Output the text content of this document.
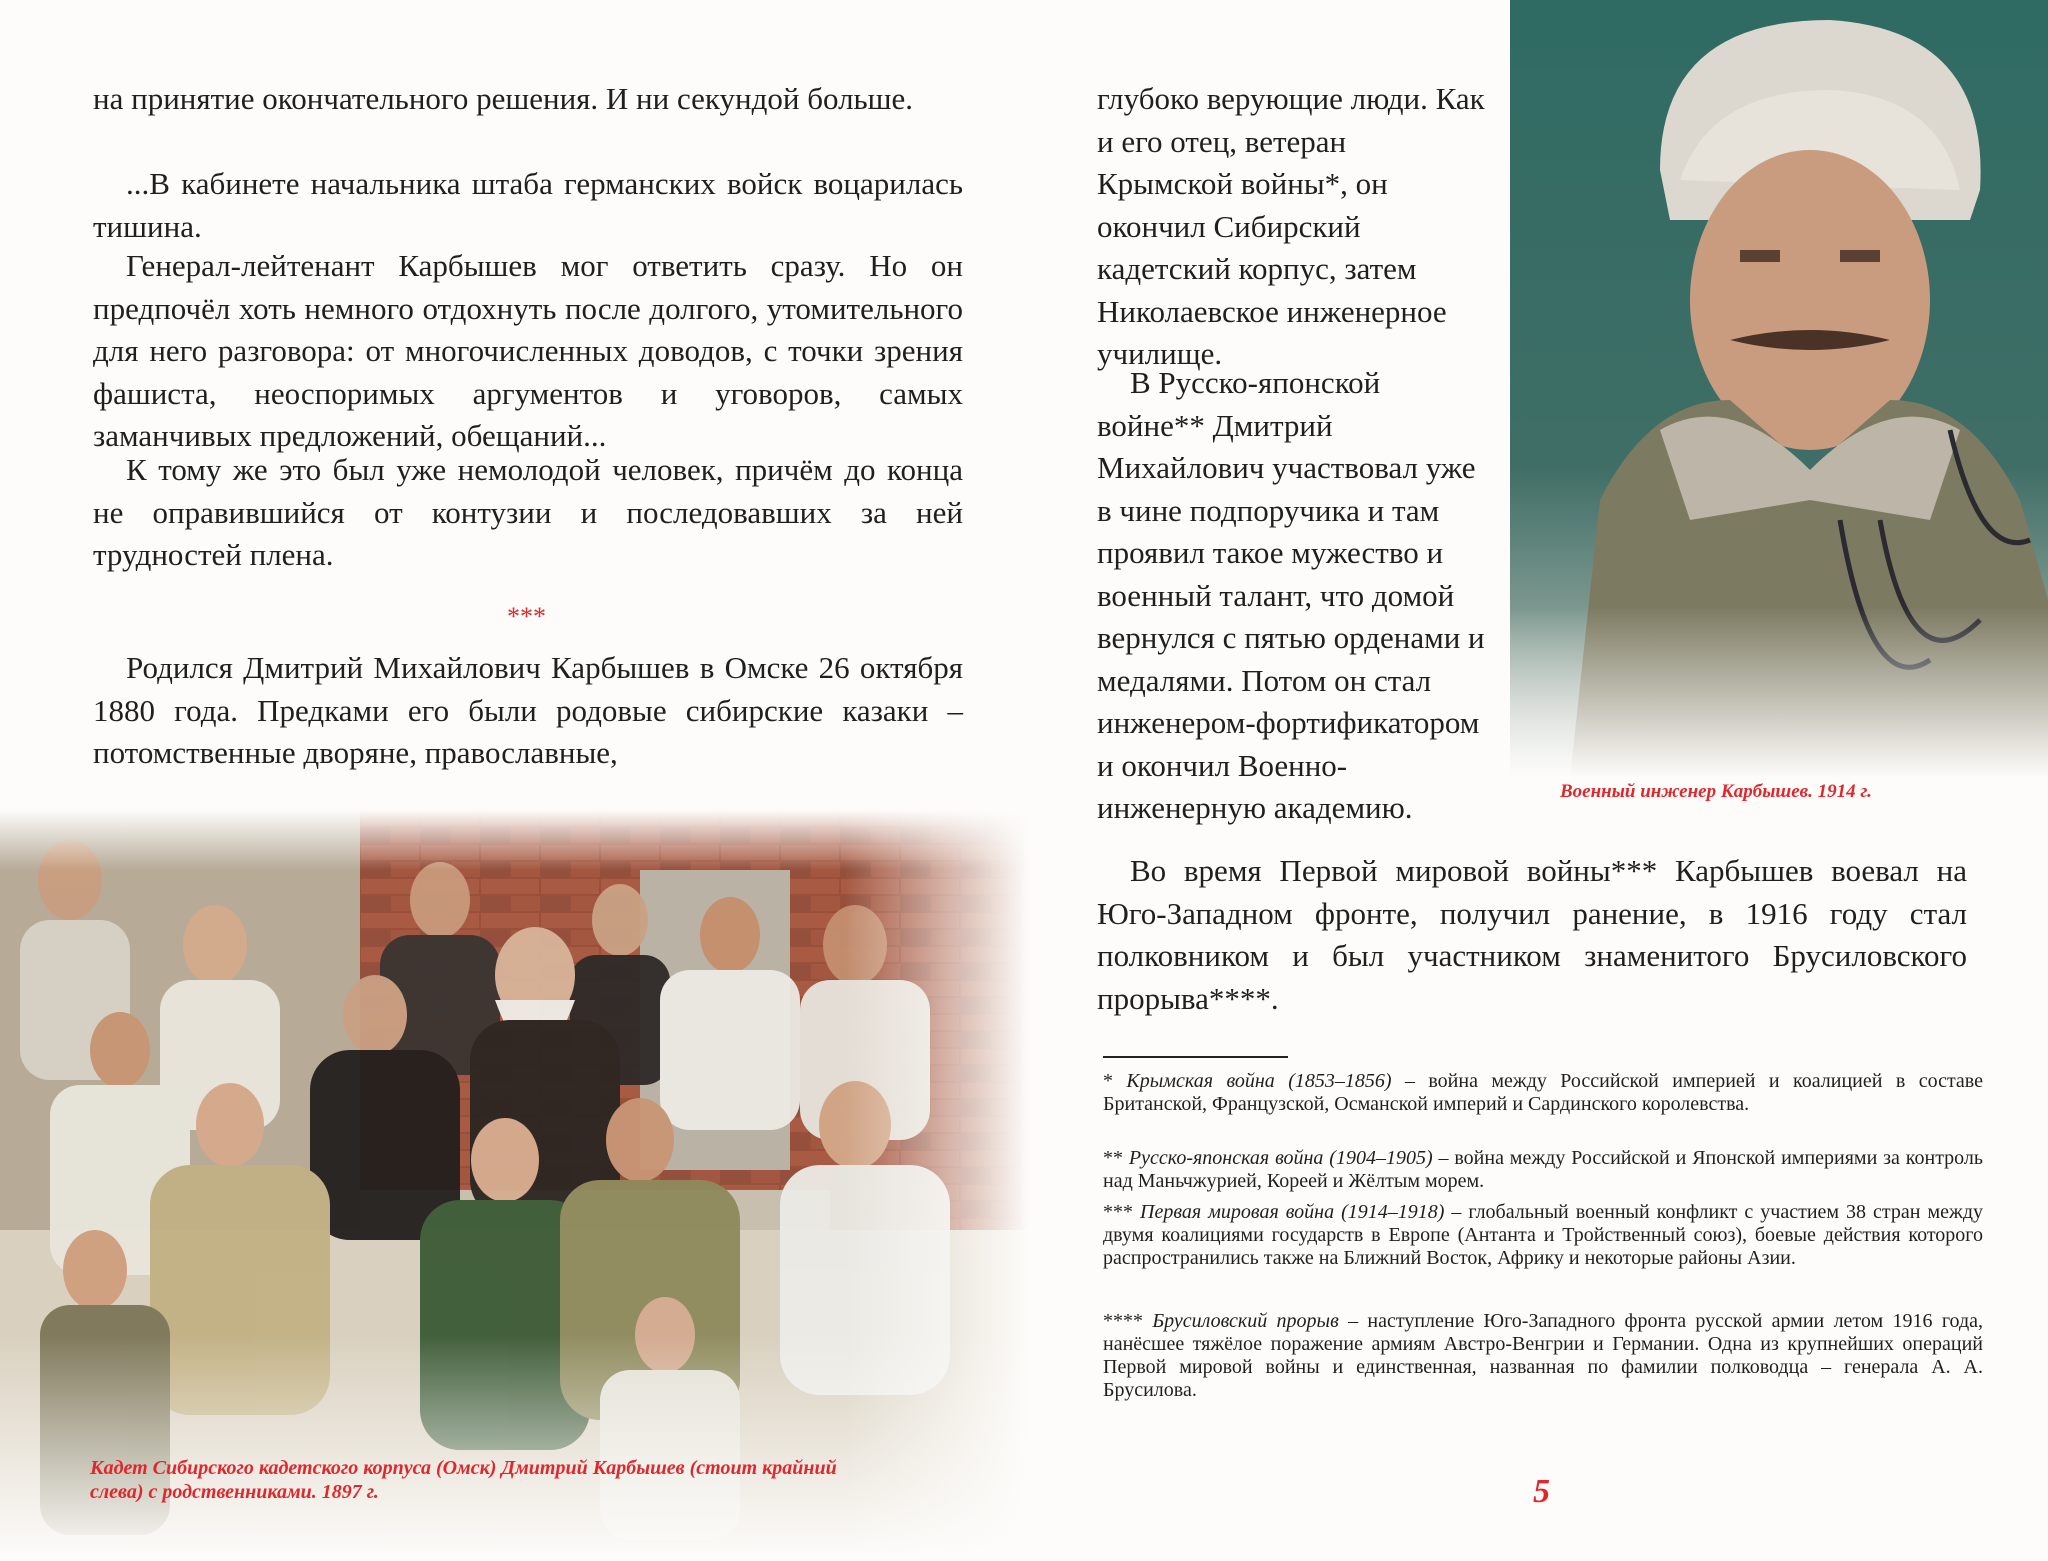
на принятие окончательного решения. И ни секундой больше.

...В кабинете начальника штаба германских войск воцарилась тишина.

Генерал-лейтенант Карбышев мог ответить сразу. Но он предпочёл хоть немного отдохнуть после долгого, утомительного для него разговора: от многочисленных доводов, с точки зрения фашиста, неоспоримых аргументов и уговоров, самых заманчивых предложений, обещаний...

К тому же это был уже немолодой человек, причём до конца не оправившийся от контузии и последовавших за ней трудностей плена.

***

Родился Дмитрий Михайлович Карбышев в Омске 26 октября 1880 года. Предками его были родовые сибирские казаки – потомственные дворяне, православные,

Кадет Сибирского кадетского корпуса (Омск) Дмитрий Карбышев (стоит крайний слева) с родственниками. 1897 г.
Военный инженер Карбышев. 1914 г.

глубоко верующие люди. Как и его отец, ветеран Крымской войны*, он окончил Сибирский кадетский корпус, затем Николаевское инженерное училище.

В Русско-японской войне** Дмитрий Михайлович участвовал уже в чине подпоручика и там проявил такое мужество и военный талант, что домой вернулся с пятью орденами и медалями. Потом он стал инженером-фортификатором и окончил Военно-инженерную академию.

Во время Первой мировой войны*** Карбышев воевал на Юго-Западном фронте, получил ранение, в 1916 году стал полковником и был участником знаменитого Брусиловского прорыва****.

* Крымская война (1853–1856) – война между Российской империей и коалицией в составе Британской, Французской, Османской империй и Сардинского королевства.

** Русско-японская война (1904–1905) – война между Российской и Японской империями за контроль над Маньчжурией, Кореей и Жёлтым морем.

*** Первая мировая война (1914–1918) – глобальный военный конфликт с участием 38 стран между двумя коалициями государств в Европе (Антанта и Тройственный союз), боевые действия которого распространились также на Ближний Восток, Африку и некоторые районы Азии.

**** Брусиловский прорыв – наступление Юго-Западного фронта русской армии летом 1916 года, нанёсшее тяжёлое поражение армиям Австро-Венгрии и Германии. Одна из крупнейших операций Первой мировой войны и единственная, названная по фамилии полководца – генерала А. А. Брусилова.

5
